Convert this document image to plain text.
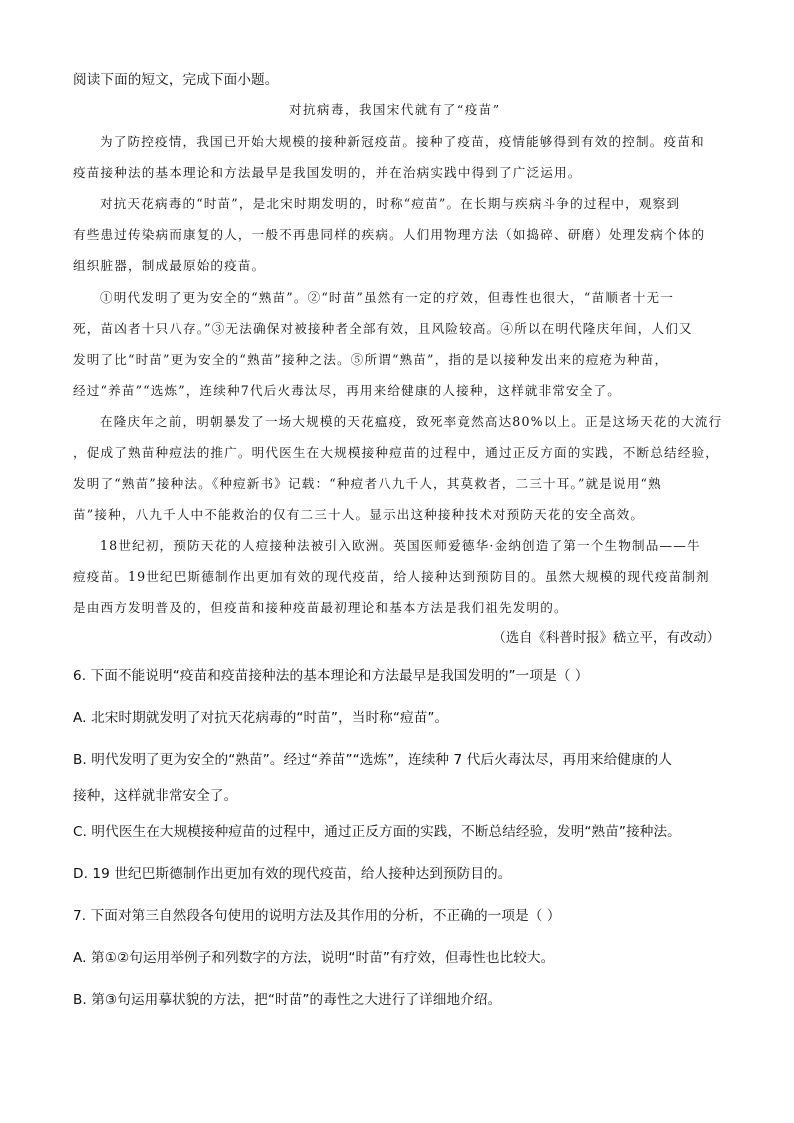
阅读下面的短文，完成下面小题。
对抗病毒，我国宋代就有了“疫苗”
为了防控疫情，我国已开始大规模的接种新冠疫苗。接种了疫苗，疫情能够得到有效的控制。疫苗和
疫苗接种法的基本理论和方法最早是我国发明的，并在治病实践中得到了广泛运用。
对抗天花病毒的“时苗”，是北宋时期发明的，时称“痘苗”。在长期与疾病斗争的过程中，观察到
有些患过传染病而康复的人，一般不再患同样的疾病。人们用物理方法（如捣碎、研磨）处理发病个体的
组织脏器，制成最原始的疫苗。
①明代发明了更为安全的“熟苗”。②“时苗”虽然有一定的疗效，但毒性也很大，“苗顺者十无一
死，苗凶者十只八存。”③无法确保对被接种者全部有效，且风险较高。④所以在明代隆庆年间，人们又
发明了比“时苗”更为安全的“熟苗”接种之法。⑤所谓“熟苗”，指的是以接种发出来的痘疮为种苗，
经过“养苗”“选炼”，连续种7代后火毒汰尽，再用来给健康的人接种，这样就非常安全了。
在隆庆年之前，明朝暴发了一场大规模的天花瘟疫，致死率竟然高达80%以上。正是这场天花的大流行
，促成了熟苗种痘法的推广。明代医生在大规模接种痘苗的过程中，通过正反方面的实践，不断总结经验，
发明了“熟苗”接种法。《种痘新书》记载：“种痘者八九千人，其莫救者，二三十耳。”就是说用“熟
苗”接种，八九千人中不能救治的仅有二三十人。显示出这种接种技术对预防天花的安全高效。
18世纪初，预防天花的人痘接种法被引入欧洲。英国医师爱德华·金纳创造了第一个生物制品——牛
痘疫苗。19世纪巴斯德制作出更加有效的现代疫苗，给人接种达到预防目的。虽然大规模的现代疫苗制剂
是由西方发明普及的，但疫苗和接种疫苗最初理论和基本方法是我们祖先发明的。
（选自《科普时报》嵇立平，有改动）
6. 下面不能说明“疫苗和疫苗接种法的基本理论和方法最早是我国发明的”一项是（ ）
A. 北宋时期就发明了对抗天花病毒的“时苗”，当时称“痘苗”。
B. 明代发明了更为安全的“熟苗”。经过“养苗”“选炼”，连续种 7 代后火毒汰尽，再用来给健康的人
接种，这样就非常安全了。
C. 明代医生在大规模接种痘苗的过程中，通过正反方面的实践，不断总结经验，发明“熟苗”接种法。
D. 19 世纪巴斯德制作出更加有效的现代疫苗，给人接种达到预防目的。
7. 下面对第三自然段各句使用的说明方法及其作用的分析，不正确的一项是（ ）
A. 第①②句运用举例子和列数字的方法，说明“时苗”有疗效，但毒性也比较大。
B. 第③句运用摹状貌的方法，把“时苗”的毒性之大进行了详细地介绍。
